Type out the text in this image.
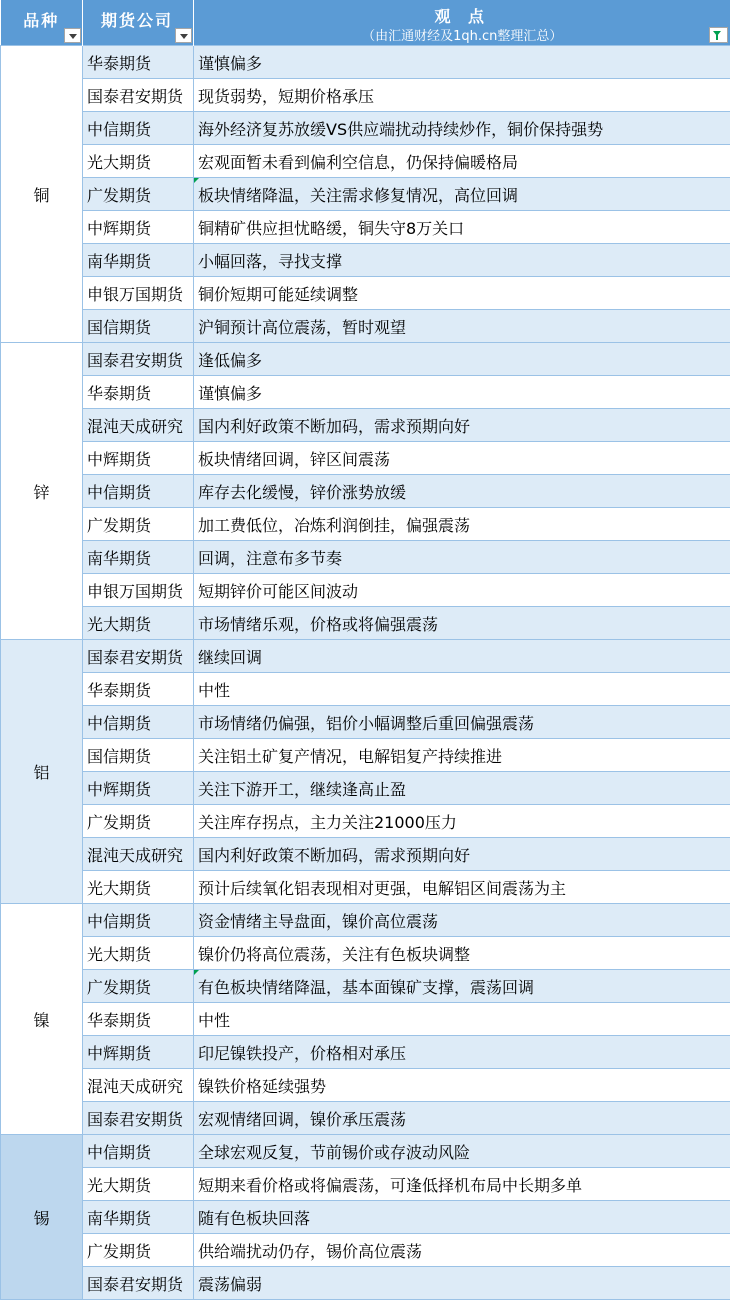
品种	期货公司	观 点
（由汇通财经及1qh.cn整理汇总）

铜	华泰期货	谨慎偏多
	国泰君安期货	现货弱势，短期价格承压
	中信期货	海外经济复苏放缓VS供应端扰动持续炒作，铜价保持强势
	光大期货	宏观面暂未看到偏利空信息，仍保持偏暖格局
	广发期货	板块情绪降温，关注需求修复情况，高位回调

	中辉期货	铜精矿供应担忧略缓，铜失守8万关口
	南华期货	小幅回落，寻找支撑
	申银万国期货	铜价短期可能延续调整
	国信期货	沪铜预计高位震荡，暂时观望
锌	国泰君安期货	逢低偏多
	华泰期货	谨慎偏多
	混沌天成研究	国内利好政策不断加码，需求预期向好
	中辉期货	板块情绪回调，锌区间震荡
	中信期货	库存去化缓慢，锌价涨势放缓
	广发期货	加工费低位，冶炼利润倒挂，偏强震荡
	南华期货	回调，注意布多节奏
	申银万国期货	短期锌价可能区间波动
	光大期货	市场情绪乐观，价格或将偏强震荡
铝	国泰君安期货	继续回调
	华泰期货	中性
	中信期货	市场情绪仍偏强，铝价小幅调整后重回偏强震荡
	国信期货	关注铝土矿复产情况，电解铝复产持续推进
	中辉期货	关注下游开工，继续逢高止盈
	广发期货	关注库存拐点，主力关注21000压力
	混沌天成研究	国内利好政策不断加码，需求预期向好
	光大期货	预计后续氧化铝表现相对更强，电解铝区间震荡为主
镍	中信期货	资金情绪主导盘面，镍价高位震荡
	光大期货	镍价仍将高位震荡，关注有色板块调整
	广发期货	有色板块情绪降温，基本面镍矿支撑，震荡回调

	华泰期货	中性
	中辉期货	印尼镍铁投产，价格相对承压
	混沌天成研究	镍铁价格延续强势
	国泰君安期货	宏观情绪回调，镍价承压震荡
锡	中信期货	全球宏观反复，节前锡价或存波动风险
	光大期货	短期来看价格或将偏震荡，可逢低择机布局中长期多单
	南华期货	随有色板块回落
	广发期货	供给端扰动仍存，锡价高位震荡
	国泰君安期货	震荡偏弱
